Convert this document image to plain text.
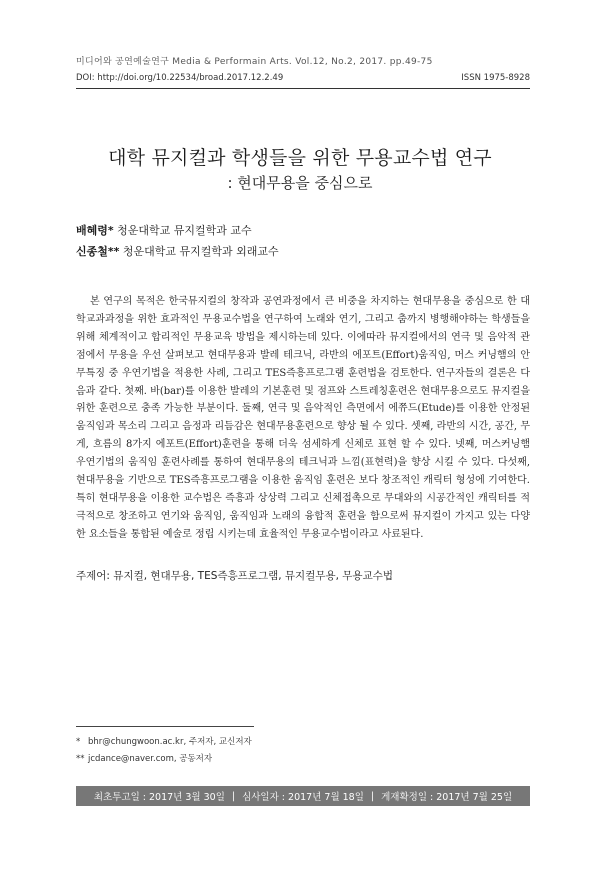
미디어와 공연예술연구 Media & Performain Arts. Vol.12, No.2, 2017. pp.49-75
DOI: http://doi.org/10.22534/broad.2017.12.2.49	ISSN 1975-8928
대학 뮤지컬과 학생들을 위한 무용교수법 연구
: 현대무용을 중심으로
배혜령* 청운대학교 뮤지컬학과 교수
신종철** 청운대학교 뮤지컬학과 외래교수
본 연구의 목적은 한국뮤지컬의 창작과 공연과정에서 큰 비중을 차지하는 현대무용을 중심으로 한 대학교과과정을 위한 효과적인 무용교수법을 연구하여 노래와 연기, 그리고 춤까지 병행해야하는 학생들을 위해 체계적이고 합리적인 무용교육 방법을 제시하는데 있다. 이에따라 뮤지컬에서의 연극 및 음악적 관점에서 무용을 우선 살펴보고 현대무용과 발레 테크닉, 라반의 에포트(Effort)움직임, 머스 커닝햄의 안무특징 중 우연기법을 적용한 사례, 그리고 TES즉흥프로그램 훈련법을 검토한다. 연구자들의 결론은 다음과 같다. 첫째. 바(bar)를 이용한 발레의 기본훈련 및 점프와 스트레칭훈련은 현대무용으로도 뮤지컬을 위한 훈련으로 충족 가능한 부분이다. 둘째, 연극 및 음악적인 측면에서 에쮸드(Etude)를 이용한 안정된 움직임과 목소리 그리고 음정과 리듬감은 현대무용훈련으로 향상 될 수 있다. 셋째, 라반의 시간, 공간, 무게, 흐름의 8가지 에포트(Effort)훈련을 통해 더욱 섬세하게 신체로 표현 할 수 있다. 넷째, 머스커닝햄 우연기법의 움직임 훈련사례를 통하여 현대무용의 테크닉과 느낌(표현력)을 향상 시킬 수 있다. 다섯째, 현대무용을 기반으로 TES즉흥프로그램을 이용한 움직임 훈련은 보다 창조적인 캐릭터 형성에 기여한다. 특히 현대무용을 이용한 교수법은 즉흥과 상상력 그리고 신체접촉으로 무대와의 시공간적인 캐릭터를 적극적으로 창조하고 연기와 움직임, 움직임과 노래의 융합적 훈련을 함으로써 뮤지컬이 가지고 있는 다양한 요소들을 통합된 예술로 정립 시키는데 효율적인 무용교수법이라고 사료된다.
주제어: 뮤지컬, 현대무용, TES즉흥프로그램, 뮤지컬무용, 무용교수법
* bhr@chungwoon.ac.kr, 주저자, 교신저자
** jcdance@naver.com, 공동저자
최초투고일 : 2017년 3월 30일 | 심사일자 : 2017년 7월 18일 | 게재확정일 : 2017년 7월 25일
